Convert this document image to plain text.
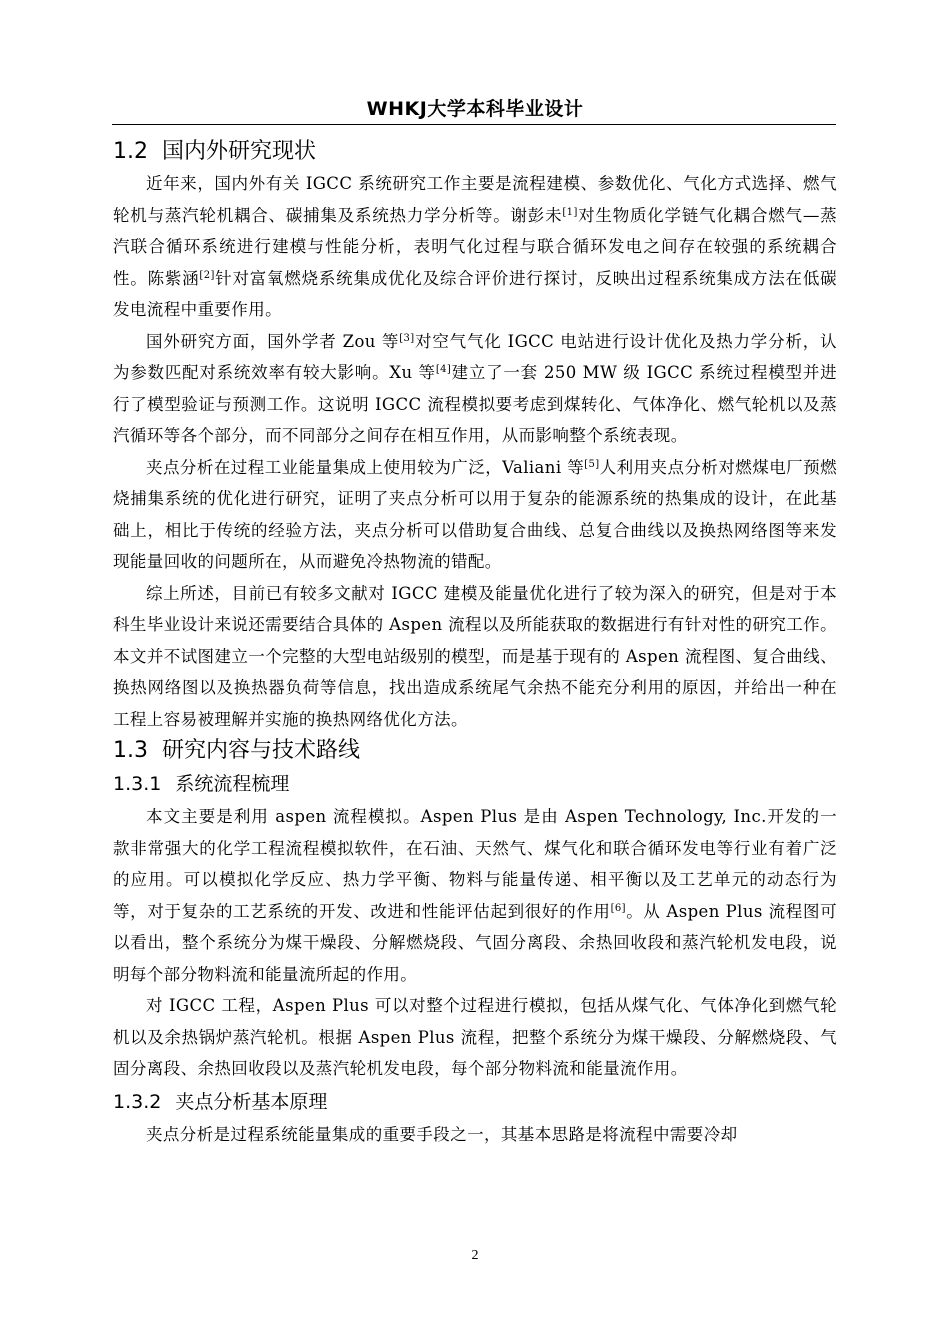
WHKJ大学本科毕业设计
1.2 国内外研究现状

近年来，国内外有关 IGCC 系统研究工作主要是流程建模、参数优化、气化方式选择、燃气轮机与蒸汽轮机耦合、碳捕集及系统热力学分析等。谢彭未[1]对生物质化学链气化耦合燃气—蒸汽联合循环系统进行建模与性能分析，表明气化过程与联合循环发电之间存在较强的系统耦合性。陈紫涵[2]针对富氧燃烧系统集成优化及综合评价进行探讨，反映出过程系统集成方法在低碳发电流程中重要作用。

国外研究方面，国外学者 Zou 等[3]对空气气化 IGCC 电站进行设计优化及热力学分析，认为参数匹配对系统效率有较大影响。Xu 等[4]建立了一套 250 MW 级 IGCC 系统过程模型并进行了模型验证与预测工作。这说明 IGCC 流程模拟要考虑到煤转化、气体净化、燃气轮机以及蒸汽循环等各个部分，而不同部分之间存在相互作用，从而影响整个系统表现。

夹点分析在过程工业能量集成上使用较为广泛，Valiani 等[5]人利用夹点分析对燃煤电厂预燃烧捕集系统的优化进行研究，证明了夹点分析可以用于复杂的能源系统的热集成的设计，在此基础上，相比于传统的经验方法，夹点分析可以借助复合曲线、总复合曲线以及换热网络图等来发现能量回收的问题所在，从而避免冷热物流的错配。

综上所述，目前已有较多文献对 IGCC 建模及能量优化进行了较为深入的研究，但是对于本科生毕业设计来说还需要结合具体的 Aspen 流程以及所能获取的数据进行有针对性的研究工作。本文并不试图建立一个完整的大型电站级别的模型，而是基于现有的 Aspen 流程图、复合曲线、换热网络图以及换热器负荷等信息，找出造成系统尾气余热不能充分利用的原因，并给出一种在工程上容易被理解并实施的换热网络优化方法。

1.3 研究内容与技术路线
1.3.1 系统流程梳理

本文主要是利用 aspen 流程模拟。Aspen Plus 是由 Aspen Technology, Inc.开发的一款非常强大的化学工程流程模拟软件，在石油、天然气、煤气化和联合循环发电等行业有着广泛的应用。可以模拟化学反应、热力学平衡、物料与能量传递、相平衡以及工艺单元的动态行为等，对于复杂的工艺系统的开发、改进和性能评估起到很好的作用[6]。从 Aspen Plus 流程图可以看出，整个系统分为煤干燥段、分解燃烧段、气固分离段、余热回收段和蒸汽轮机发电段，说明每个部分物料流和能量流所起的作用。

对 IGCC 工程，Aspen Plus 可以对整个过程进行模拟，包括从煤气化、气体净化到燃气轮机以及余热锅炉蒸汽轮机。根据 Aspen Plus 流程，把整个系统分为煤干燥段、分解燃烧段、气固分离段、余热回收段以及蒸汽轮机发电段，每个部分物料流和能量流作用。

1.3.2 夹点分析基本原理

夹点分析是过程系统能量集成的重要手段之一，其基本思路是将流程中需要冷却

2
